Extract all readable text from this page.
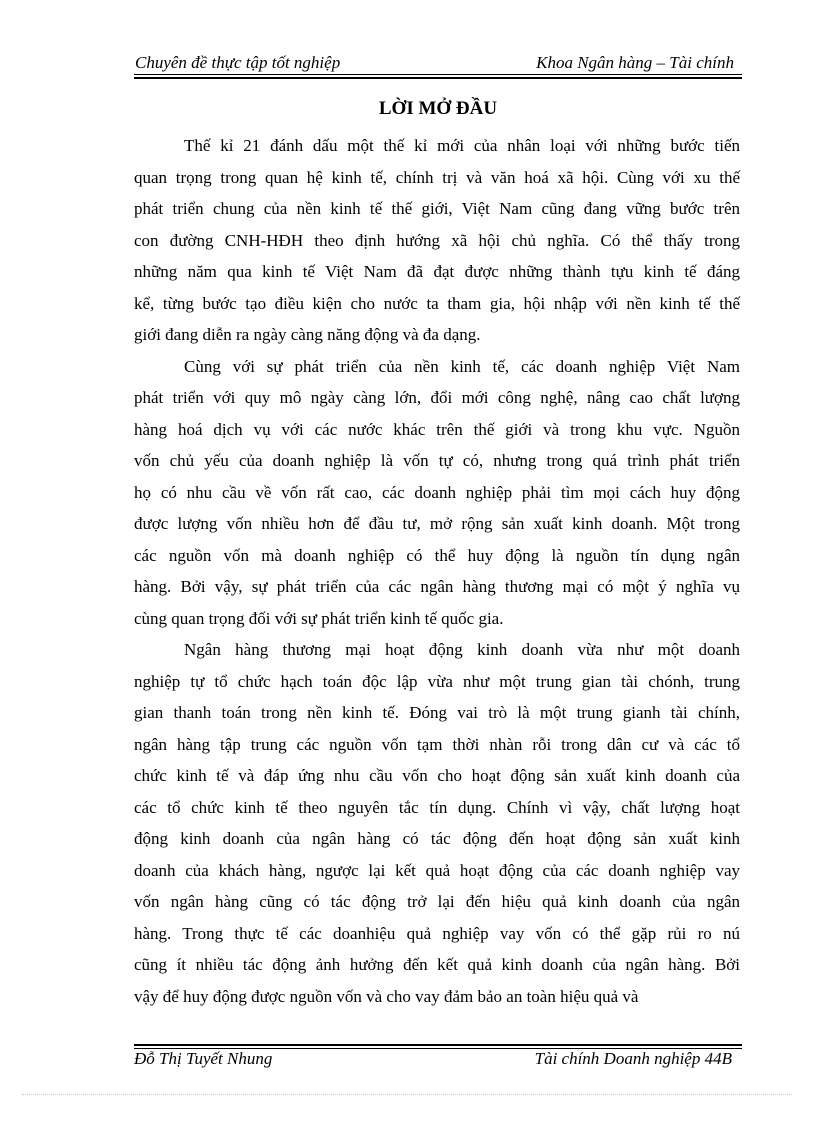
Chuyên đề thực tập tốt nghiệp	Khoa Ngân hàng – Tài chính
LỜI MỞ ĐẦU
Thế kỉ 21 đánh dấu một thế kỉ mới của nhân loại với những bước tiến
quan trọng trong quan hệ kinh tế, chính trị và văn hoá xã hội. Cùng với xu thế
phát triển chung của nền kinh tế thế giới, Việt Nam cũng đang vững bước trên
con đường CNH-HĐH theo định hướng xã hội chủ nghĩa. Có thể thấy trong
những năm qua kinh tế Việt Nam đã đạt được những thành tựu kinh tế đáng
kể, từng bước tạo điều kiện cho nước ta tham gia, hội nhập với nền kinh tế thế
giới đang diễn ra ngày càng năng động và đa dạng.
Cùng với sự phát triển của nền kinh tế, các doanh nghiệp Việt Nam
phát triển với quy mô ngày càng lớn, đổi mới công nghệ, nâng cao chất lượng
hàng hoá dịch vụ với các nước khác trên thế giới và trong khu vực. Nguồn
vốn chủ yếu của doanh nghiệp là vốn tự có, nhưng trong quá trình phát triển
họ có nhu cầu về vốn rất cao, các doanh nghiệp phải tìm mọi cách huy động
được lượng vốn nhiều hơn để đầu tư, mở rộng sản xuất kinh doanh. Một trong
các nguồn vốn mà doanh nghiệp có thể huy động là nguồn tín dụng ngân
hàng. Bởi vậy, sự phát triển của các ngân hàng thương mại có một ý nghĩa vụ
cùng quan trọng đối với sự phát triển kinh tế quốc gia.
Ngân hàng thương mại hoạt động kinh doanh vừa như một doanh
nghiệp tự tổ chức hạch toán độc lập vừa như một trung gian tài chónh, trung
gian thanh toán trong nền kinh tế. Đóng vai trò là một trung gianh tài chính,
ngân hàng tập trung các nguồn vốn tạm thời nhàn rỗi trong dân cư và các tổ
chức kinh tế và đáp ứng nhu cầu vốn cho hoạt động sản xuất kinh doanh của
các tổ chức kinh tế theo nguyên tắc tín dụng. Chính vì vậy, chất lượng hoạt
động kinh doanh của ngân hàng có tác động đến hoạt động sản xuất kinh
doanh của khách hàng, ngược lại kết quả hoạt động của các doanh nghiệp vay
vốn ngân hàng cũng có tác động trở lại đến hiệu quả kinh doanh của ngân
hàng. Trong thực tế các doanhiệu quả nghiệp vay vốn có thể gặp rủi ro nú
cũng ít nhiều tác động ảnh hưởng đến kết quả kinh doanh của ngân hàng. Bởi
vậy để huy động được nguồn vốn và cho vay đảm bảo an toàn hiệu quả và
Đỗ Thị Tuyết Nhung	Tài chính Doanh nghiệp 44B
